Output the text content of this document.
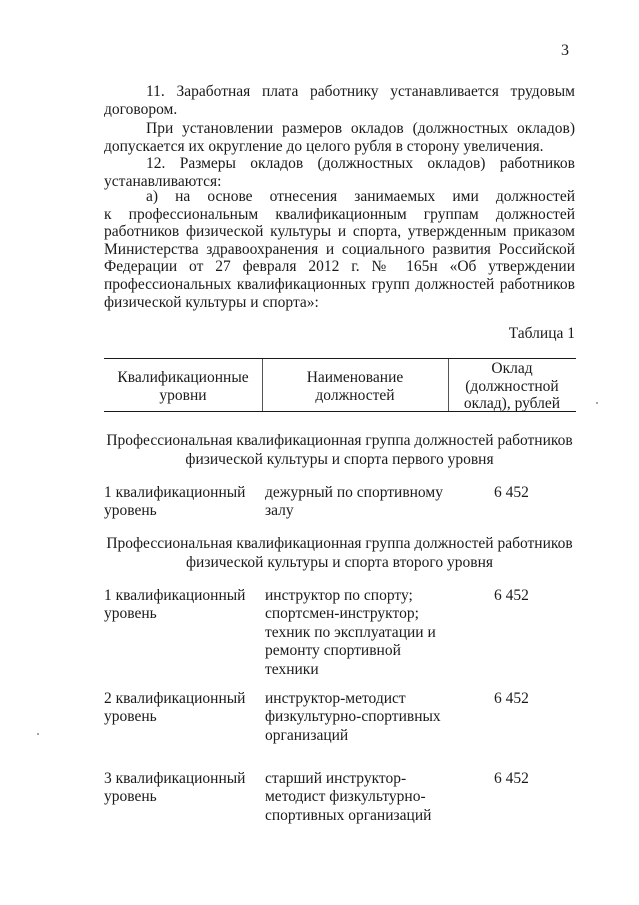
3
11. Заработная плата работнику устанавливается трудовым
договором.
При установлении размеров окладов (должностных окладов)
допускается их округление до целого рубля в сторону увеличения.
12. Размеры окладов (должностных окладов) работников
устанавливаются:
а) на основе отнесения занимаемых ими должностей
к профессиональным квалификационным группам должностей
работников физической культуры и спорта, утвержденным приказом
Министерства здравоохранения и социального развития Российской
Федерации от 27 февраля 2012 г. № 165н «Об утверждении
профессиональных квалификационных групп должностей работников
физической культуры и спорта»:
Таблица 1
Квалификационные
уровни
Наименование
должностей
Оклад
(должностной
оклад), рублей
Профессиональная квалификационная группа должностей работников
физической культуры и спорта первого уровня
1 квалификационный
уровень
дежурный по спортивному
залу
6 452
Профессиональная квалификационная группа должностей работников
физической культуры и спорта второго уровня
1 квалификационный
уровень
инструктор по спорту;
спортсмен-инструктор;
техник по эксплуатации и
ремонту спортивной
техники
6 452
2 квалификационный
уровень
инструктор-методист
физкультурно-спортивных
организаций
6 452
3 квалификационный
уровень
старший инструктор-
методист физкультурно-
спортивных организаций
6 452
